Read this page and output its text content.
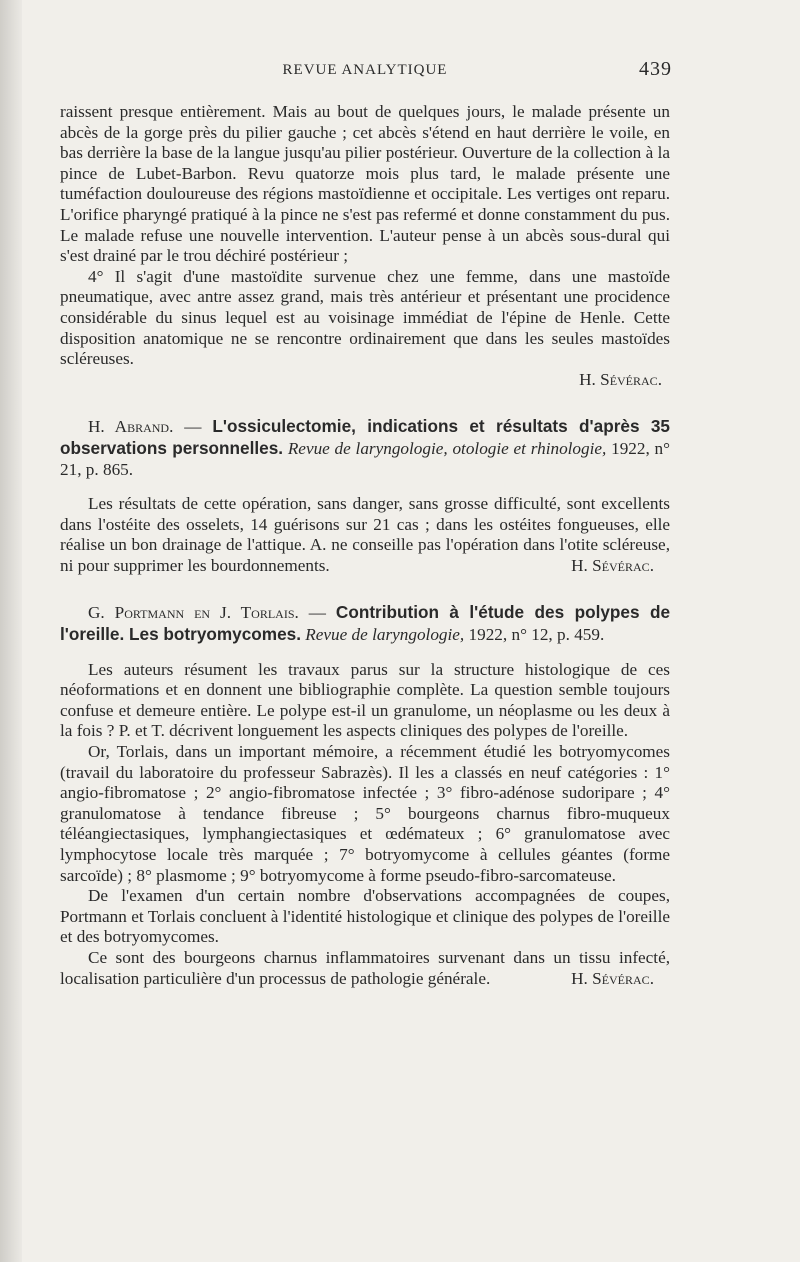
REVUE ANALYTIQUE	439

raissent presque entièrement. Mais au bout de quelques jours, le malade présente un abcès de la gorge près du pilier gauche ; cet abcès s'étend en haut derrière le voile, en bas derrière la base de la langue jusqu'au pilier postérieur. Ouverture de la collection à la pince de Lubet-Barbon. Revu quatorze mois plus tard, le malade présente une tuméfaction douloureuse des régions mastoïdienne et occipitale. Les vertiges ont reparu. L'orifice pharyngé pratiqué à la pince ne s'est pas refermé et donne constamment du pus. Le malade refuse une nouvelle intervention. L'auteur pense à un abcès sous-dural qui s'est drainé par le trou déchiré postérieur ;

4° Il s'agit d'une mastoïdite survenue chez une femme, dans une mastoïde pneumatique, avec antre assez grand, mais très antérieur et présentant une procidence considérable du sinus lequel est au voisinage immédiat de l'épine de Henle. Cette disposition anatomique ne se rencontre ordinairement que dans les seules mastoïdes scléreuses.

H. Sévérac.

H. Abrand. — L'ossiculectomie, indications et résultats d'après 35 observations personnelles. Revue de laryngologie, otologie et rhinologie, 1922, n° 21, p. 865.

Les résultats de cette opération, sans danger, sans grosse difficulté, sont excellents dans l'ostéite des osselets, 14 guérisons sur 21 cas ; dans les ostéites fongueuses, elle réalise un bon drainage de l'attique. A. ne conseille pas l'opération dans l'otite scléreuse, ni pour supprimer les bourdonnements.	H. Sévérac.

G. Portmann en J. Torlais. — Contribution à l'étude des polypes de l'oreille. Les botryomycomes. Revue de laryngologie, 1922, n° 12, p. 459.

Les auteurs résument les travaux parus sur la structure histologique de ces néoformations et en donnent une bibliographie complète. La question semble toujours confuse et demeure entière. Le polype est-il un granulome, un néoplasme ou les deux à la fois ? P. et T. décrivent longuement les aspects cliniques des polypes de l'oreille.

Or, Torlais, dans un important mémoire, a récemment étudié les botryomycomes (travail du laboratoire du professeur Sabrazès). Il les a classés en neuf catégories : 1° angio-fibromatose ; 2° angio-fibromatose infectée ; 3° fibro-adénose sudoripare ; 4° granulomatose à tendance fibreuse ; 5° bourgeons charnus fibro-muqueux téléangiectasiques, lymphangiectasiques et œdémateux ; 6° granulomatose avec lymphocytose locale très marquée ; 7° botryomycome à cellules géantes (forme sarcoïde) ; 8° plasmome ; 9° botryomycome à forme pseudo-fibro-sarcomateuse.

De l'examen d'un certain nombre d'observations accompagnées de coupes, Portmann et Torlais concluent à l'identité histologique et clinique des polypes de l'oreille et des botryomycomes.

Ce sont des bourgeons charnus inflammatoires survenant dans un tissu infecté, localisation particulière d'un processus de pathologie générale.	H. Sévérac.
